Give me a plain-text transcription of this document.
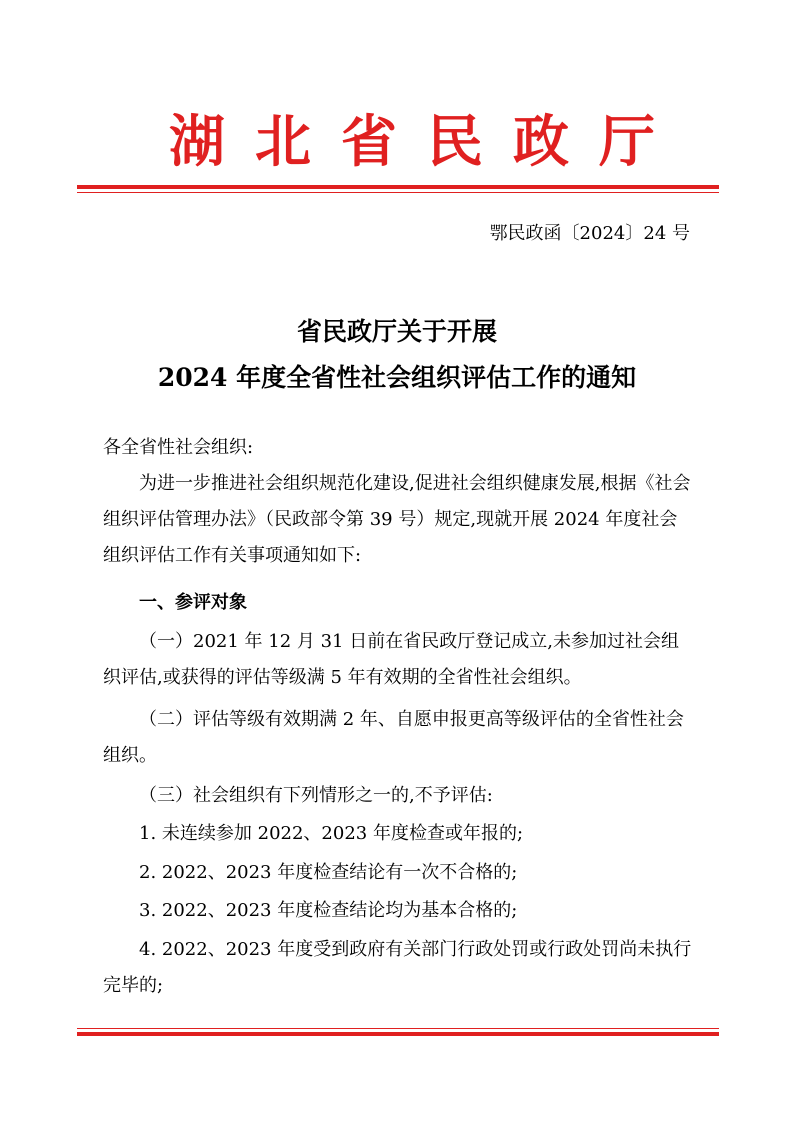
湖北省民政厅
鄂民政函〔2024〕24 号
省民政厅关于开展
2024 年度全省性社会组织评估工作的通知
各全省性社会组织:
为进一步推进社会组织规范化建设,促进社会组织健康发展,根据《社会组织评估管理办法》（民政部令第 39 号）规定,现就开展 2024 年度社会组织评估工作有关事项通知如下:
一、参评对象
（一）2021 年 12 月 31 日前在省民政厅登记成立,未参加过社会组织评估,或获得的评估等级满 5 年有效期的全省性社会组织。
（二）评估等级有效期满 2 年、自愿申报更高等级评估的全省性社会组织。
（三）社会组织有下列情形之一的,不予评估:
1. 未连续参加 2022、2023 年度检查或年报的;
2. 2022、2023 年度检查结论有一次不合格的;
3. 2022、2023 年度检查结论均为基本合格的;
4. 2022、2023 年度受到政府有关部门行政处罚或行政处罚尚未执行完毕的;
